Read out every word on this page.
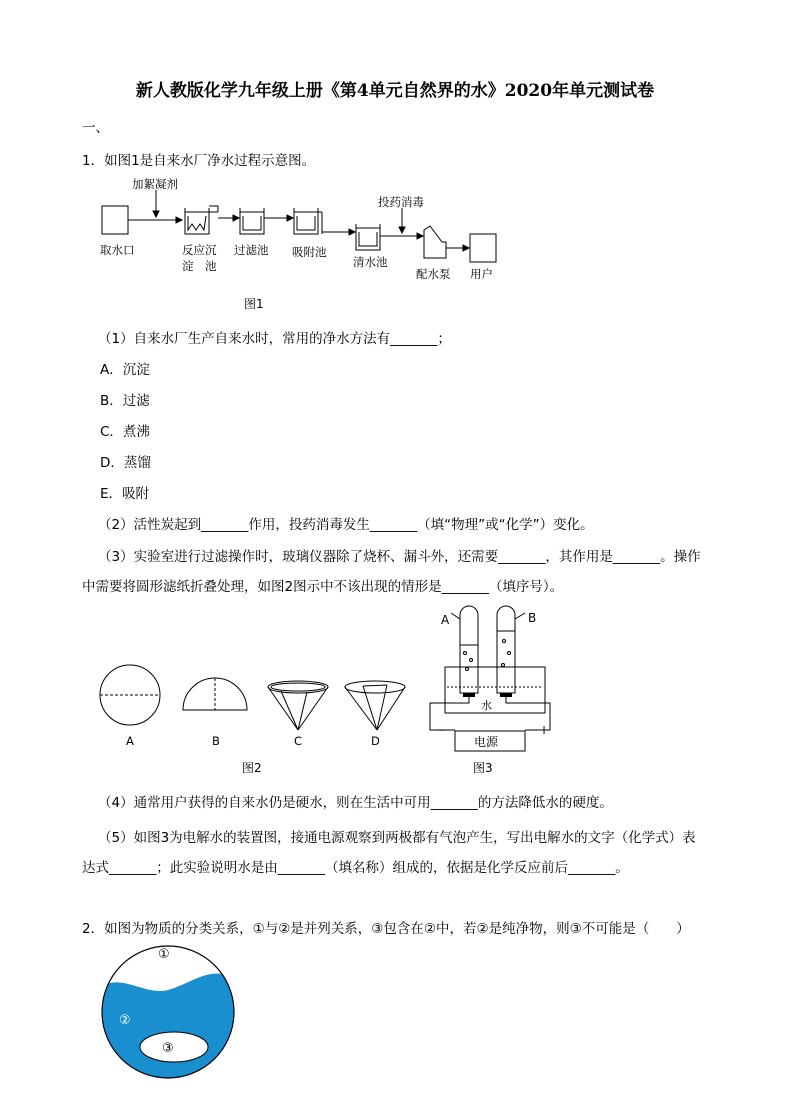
新人教版化学九年级上册《第4单元自然界的水》2020年单元测试卷
一、
1．如图1是自来水厂净水过程示意图。
加絮凝剂
投药消毒
取水口	反应沉
淀　池
过滤池 吸附池
清水池
配水泵 用户
图1
（1）自来水厂生产自来水时，常用的净水方法有_______；
A．沉淀
B．过滤
C．煮沸
D．蒸馏
E．吸附
（2）活性炭起到_______作用，投药消毒发生_______（填“物理”或“化学”）变化。
（3）实验室进行过滤操作时，玻璃仪器除了烧杯、漏斗外，还需要_______，其作用是_______。操作
中需要将圆形滤纸折叠处理，如图2图示中不该出现的情形是_______（填序号）。
A	B	C	D
图2
A	B
水
电源
−	+
图3
（4）通常用户获得的自来水仍是硬水，则在生活中可用_______的方法降低水的硬度。
（5）如图3为电解水的装置图，接通电源观察到两极都有气泡产生，写出电解水的文字（化学式）表
达式_______；此实验说明水是由_______（填名称）组成的，依据是化学反应前后_______。
2．如图为物质的分类关系，①与②是并列关系，③包含在②中，若②是纯净物，则③不可能是（　　）
①
②
③
